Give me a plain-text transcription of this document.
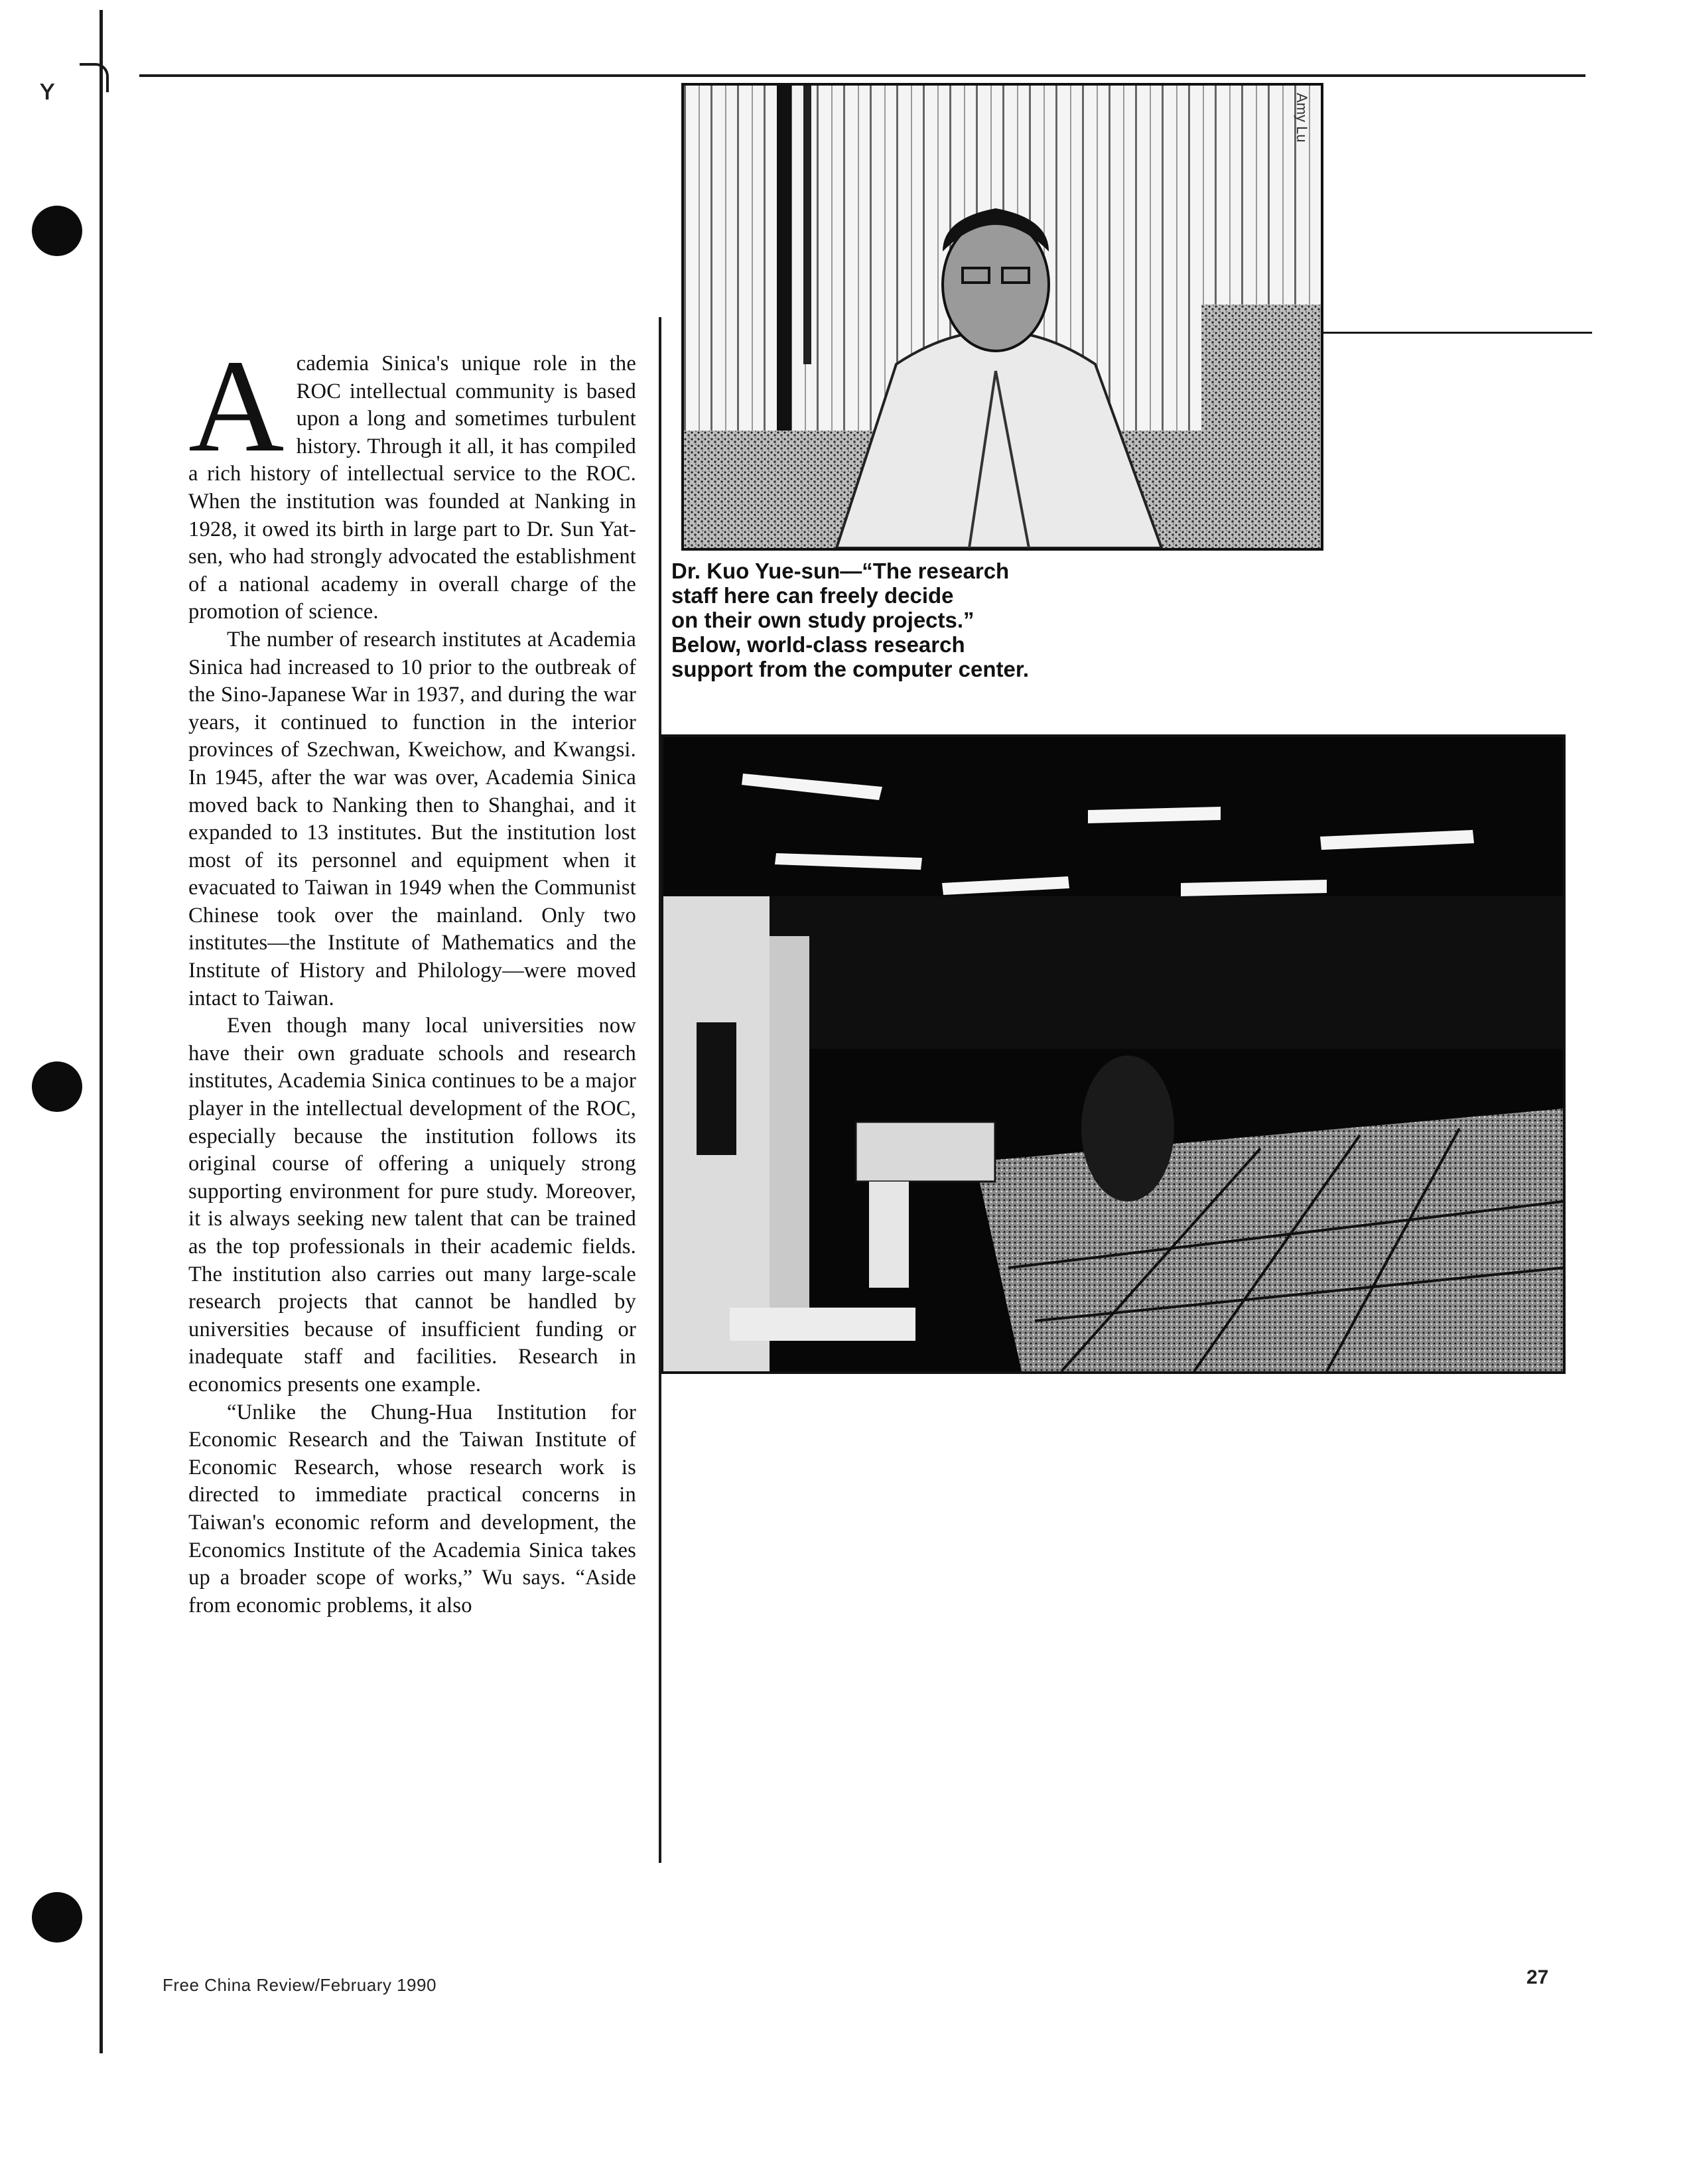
ʏ

Academia Sinica's unique role in the ROC intellectual community is based upon a long and sometimes turbulent history. Through it all, it has compiled a rich history of intellectual service to the ROC. When the institution was founded at Nanking in 1928, it owed its birth in large part to Dr. Sun Yat-sen, who had strongly advocated the establishment of a national academy in overall charge of the promotion of science.

The number of research institutes at Academia Sinica had increased to 10 prior to the outbreak of the Sino-Japanese War in 1937, and during the war years, it continued to function in the interior provinces of Szechwan, Kweichow, and Kwangsi. In 1945, after the war was over, Academia Sinica moved back to Nanking then to Shanghai, and it expanded to 13 institutes. But the institution lost most of its personnel and equipment when it evacuated to Taiwan in 1949 when the Communist Chinese took over the mainland. Only two institutes—the Institute of Mathematics and the Institute of History and Philology—were moved intact to Taiwan.

Even though many local universities now have their own graduate schools and research institutes, Academia Sinica continues to be a major player in the intellectual development of the ROC, especially because the institution follows its original course of offering a uniquely strong supporting environment for pure study. Moreover, it is always seeking new talent that can be trained as the top professionals in their academic fields. The institution also carries out many large-scale research projects that cannot be handled by universities because of insufficient funding or inadequate staff and facilities. Research in economics presents one example.

“Unlike the Chung-Hua Institution for Economic Research and the Taiwan Institute of Economic Research, whose research work is directed to immediate practical concerns in Taiwan's economic reform and development, the Economics Institute of the Academia Sinica takes up a broader scope of works,” Wu says. “Aside from economic problems, it also

Amy Lu
Dr. Kuo Yue-sun—“The research
staff here can freely decide
on their own study projects.”
Below, world-class research
support from the computer center.
Free China Review/February 1990	27
